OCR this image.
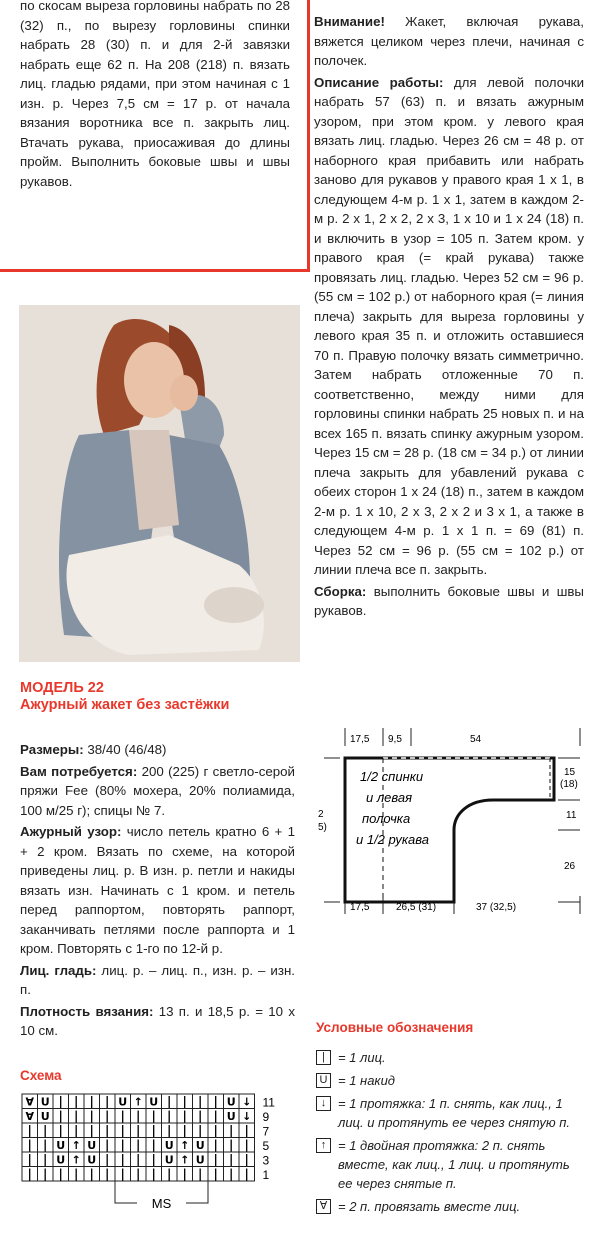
по скосам выреза горловины набрать по 28 (32) п., по вырезу горловины спинки набрать 28 (30) п. и для 2-й завязки набрать еще 62 п. На 208 (218) п. вязать лиц. гладью рядами, при этом начиная с 1 изн. р. Через 7,5 см = 17 р. от начала вязания воротника все п. закрыть лиц. Втачать рукава, приосаживая до длины пройм. Выполнить боковые швы и швы рукавов.

Внимание! Жакет, включая рукава, вяжется целиком через плечи, начиная с полочек.

Описание работы: для левой полочки набрать 57 (63) п. и вязать ажурным узором, при этом кром. у левого края вязать лиц. гладью. Через 26 см = 48 р. от наборного края прибавить или набрать заново для рукавов у правого края 1 х 1, в следующем 4-м р. 1 х 1, затем в каждом 2-м р. 2 х 1, 2 х 2, 2 х 3, 1 х 10 и 1 х 24 (18) п. и включить в узор = 105 п. Затем кром. у правого края (= край рукава) также провязать лиц. гладью. Через 52 см = 96 р. (55 см = 102 р.) от наборного края (= линия плеча) закрыть для выреза горловины у левого края 35 п. и отложить оставшиеся 70 п. Правую полочку вязать симметрично. Затем набрать отложенные 70 п. соответственно, между ними для горловины спинки набрать 25 новых п. и на всех 165 п. вязать спинку ажурным узором. Через 15 см = 28 р. (18 см = 34 р.) от линии плеча закрыть для убавлений рукава с обеих сторон 1 х 24 (18) п., затем в каждом 2-м р. 1 х 10, 2 х 3, 2 х 2 и 3 х 1, а также в следующем 4-м р. 1 х 1 п. = 69 (81) п. Через 52 см = 96 р. (55 см = 102 р.) от линии плеча все п. закрыть.

Сборка: выполнить боковые швы и швы рукавов.

МОДЕЛЬ 22
Ажурный жакет без застёжки

Размеры: 38/40 (46/48)

Вам потребуется: 200 (225) г светло-серой пряжи Fee (80% мохера, 20% полиамида, 100 м/25 г); спицы № 7.

Ажурный узор: число петель кратно 6 + 1 + 2 кром. Вязать по схеме, на которой приведены лиц. р. В изн. р. петли и накиды вязать изн. Начинать с 1 кром. и петель перед раппортом, повторять раппорт, заканчивать петлями после раппорта и 1 кром. Повторять с 1-го по 12-й р.

Лиц. гладь: лиц. р. – лиц. п., изн. р. – изн. п.

Плотность вязания: 13 п. и 18,5 р. = 10 х 10 см.

Схема
∀ U | | | | U ↑ U | | | | U ↓ 11
∀ U | | | | | | | | | | | U ↓ 9
| | | | | | | | | | | | | | | 7
| | U ↑ U | | | | U ↑ U | | | 5
| | U ↑ U | | | | U ↑ U | | | 3
| | | | | | | | | | | | | | | 1
MS
17,5 9,5	54
17,5	26,5 (31)	37 (32,5)
2
5)
15
(18)
11
26
1/2 спинки
и левая
полочка
и 1/2 рукава
Условные обозначения
|	= 1 лиц.
U = 1 накид
↓ = 1 протяжка: 1 п. снять, как лиц., 1 лиц. и протянуть ее через снятую п.
↑ = 1 двойная протяжка: 2 п. снять вместе, как лиц., 1 лиц. и протянуть ее через снятые п.
∀ = 2 п. провязать вместе лиц.
